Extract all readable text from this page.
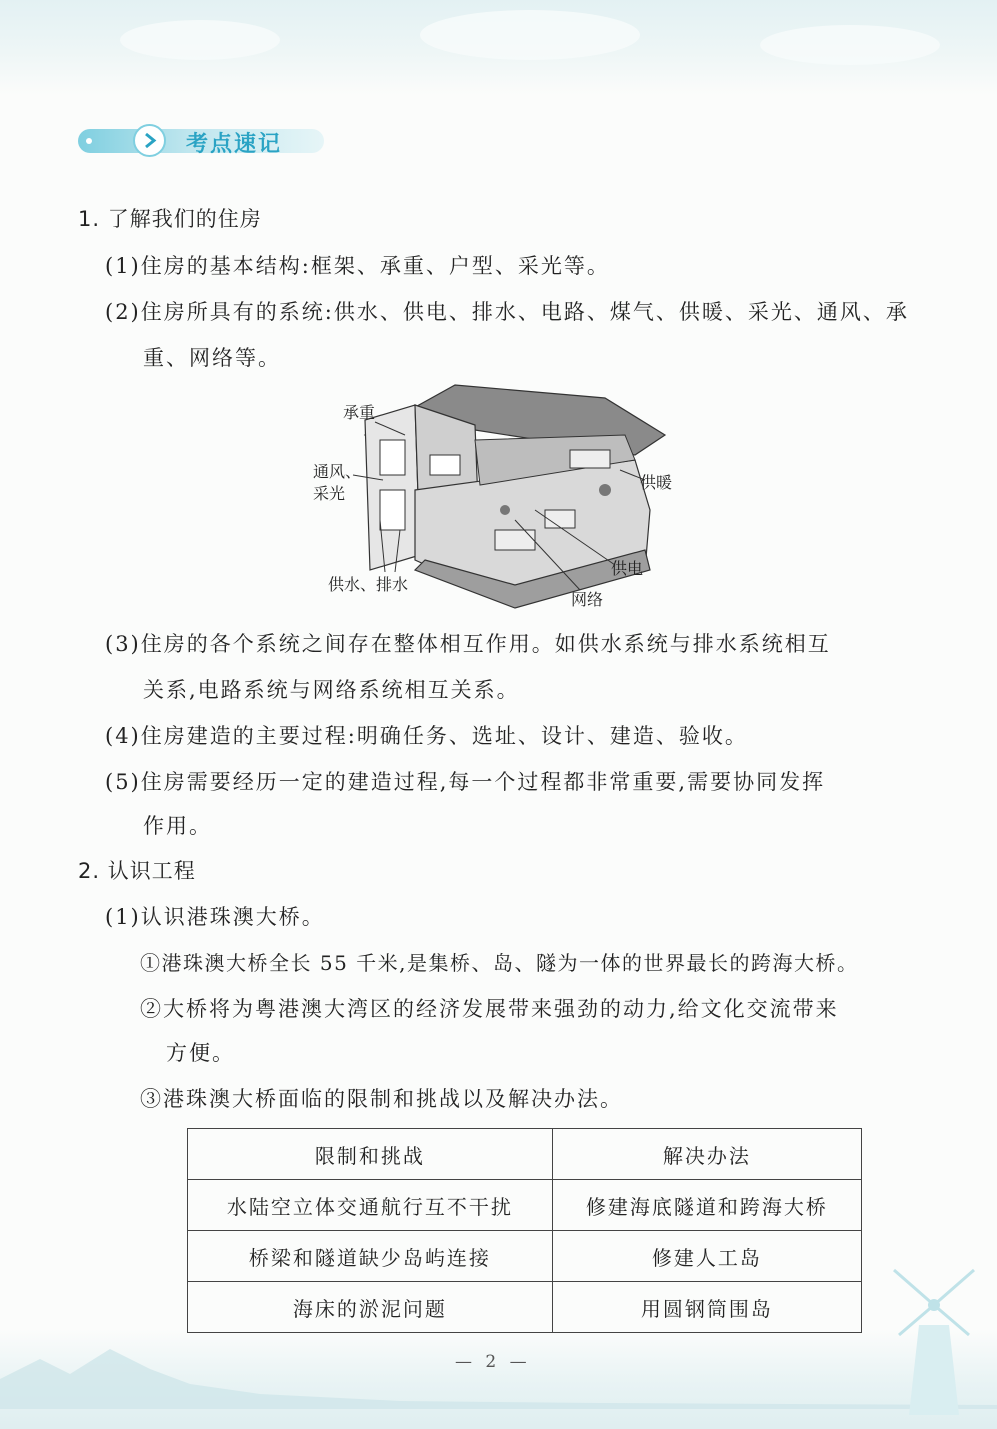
考点速记
1. 了解我们的住房
(1)住房的基本结构:框架、承重、户型、采光等。
(2)住房所具有的系统:供水、供电、排水、电路、煤气、供暖、采光、通风、承
重、网络等。
承重
通风、
采光
供暖
供电
供水、排水
网络
(3)住房的各个系统之间存在整体相互作用。如供水系统与排水系统相互
关系,电路系统与网络系统相互关系。
(4)住房建造的主要过程:明确任务、选址、设计、建造、验收。
(5)住房需要经历一定的建造过程,每一个过程都非常重要,需要协同发挥
作用。
2. 认识工程
(1)认识港珠澳大桥。
①港珠澳大桥全长 55 千米,是集桥、岛、隧为一体的世界最长的跨海大桥。
②大桥将为粤港澳大湾区的经济发展带来强劲的动力,给文化交流带来
方便。
③港珠澳大桥面临的限制和挑战以及解决办法。
限制和挑战	解决办法
水陆空立体交通航行互不干扰	修建海底隧道和跨海大桥
桥梁和隧道缺少岛屿连接	修建人工岛
海床的淤泥问题	用圆钢筒围岛
— 2 —
